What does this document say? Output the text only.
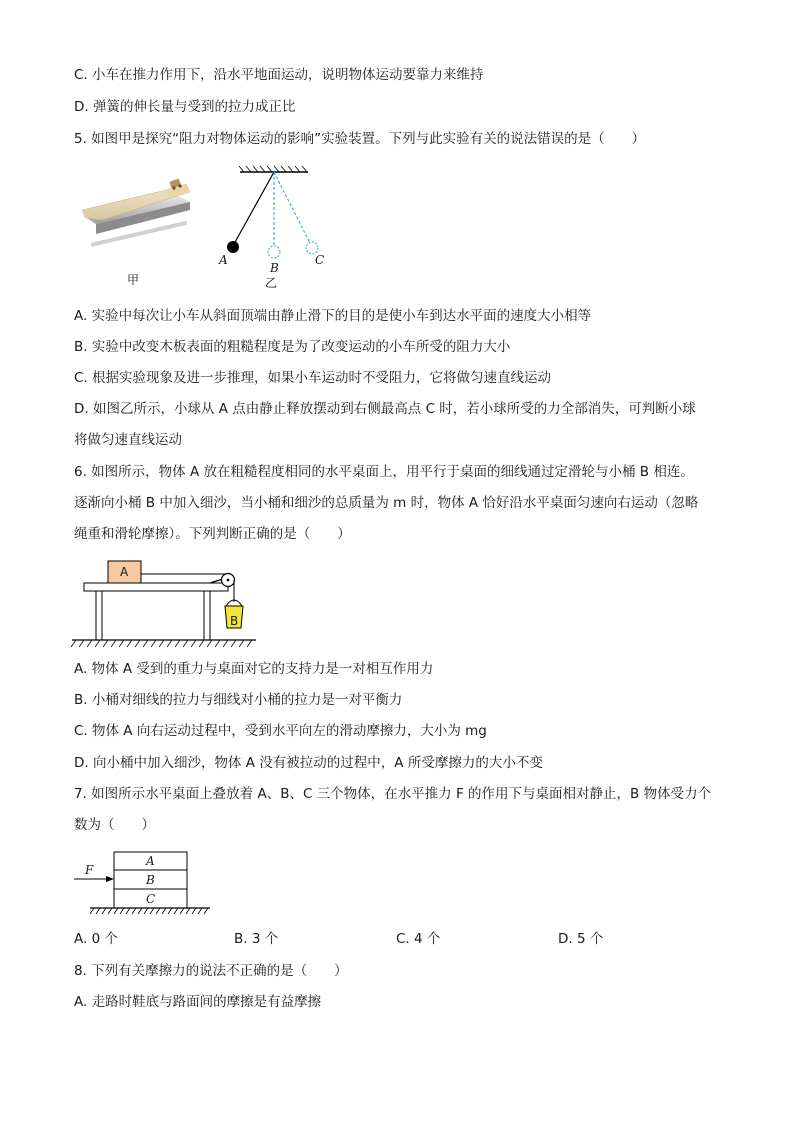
C. 小车在推力作用下，沿水平地面运动，说明物体运动要靠力来维持

D. 弹簧的伸长量与受到的拉力成正比

5. 如图甲是探究“阻力对物体运动的影响”实验装置。下列与此实验有关的说法错误的是（　　）

甲

A

B

C

乙

A. 实验中每次让小车从斜面顶端由静止滑下的目的是使小车到达水平面的速度大小相等

B. 实验中改变木板表面的粗糙程度是为了改变运动的小车所受的阻力大小

C. 根据实验现象及进一步推理，如果小车运动时不受阻力，它将做匀速直线运动

D. 如图乙所示，小球从 A 点由静止释放摆动到右侧最高点 C 时，若小球所受的力全部消失，可判断小球

将做匀速直线运动

6. 如图所示，物体 A 放在粗糙程度相同的水平桌面上，用平行于桌面的细线通过定滑轮与小桶 B 相连。

逐渐向小桶 B 中加入细沙，当小桶和细沙的总质量为 m 时，物体 A 恰好沿水平桌面匀速向右运动（忽略

绳重和滑轮摩擦）。下列判断正确的是（　　）

A

B

A. 物体 A 受到的重力与桌面对它的支持力是一对相互作用力

B. 小桶对细线的拉力与细线对小桶的拉力是一对平衡力

C. 物体 A 向右运动过程中，受到水平向左的滑动摩擦力，大小为 mg

D. 向小桶中加入细沙，物体 A 没有被拉动的过程中，A 所受摩擦力的大小不变

7. 如图所示水平桌面上叠放着 A、B、C 三个物体，在水平推力 F 的作用下与桌面相对静止，B 物体受力个

数为（　　）

F

A

B

C

A. 0 个	B. 3 个	C. 4 个	D. 5 个

8. 下列有关摩擦力的说法不正确的是（　　）

A. 走路时鞋底与路面间的摩擦是有益摩擦
